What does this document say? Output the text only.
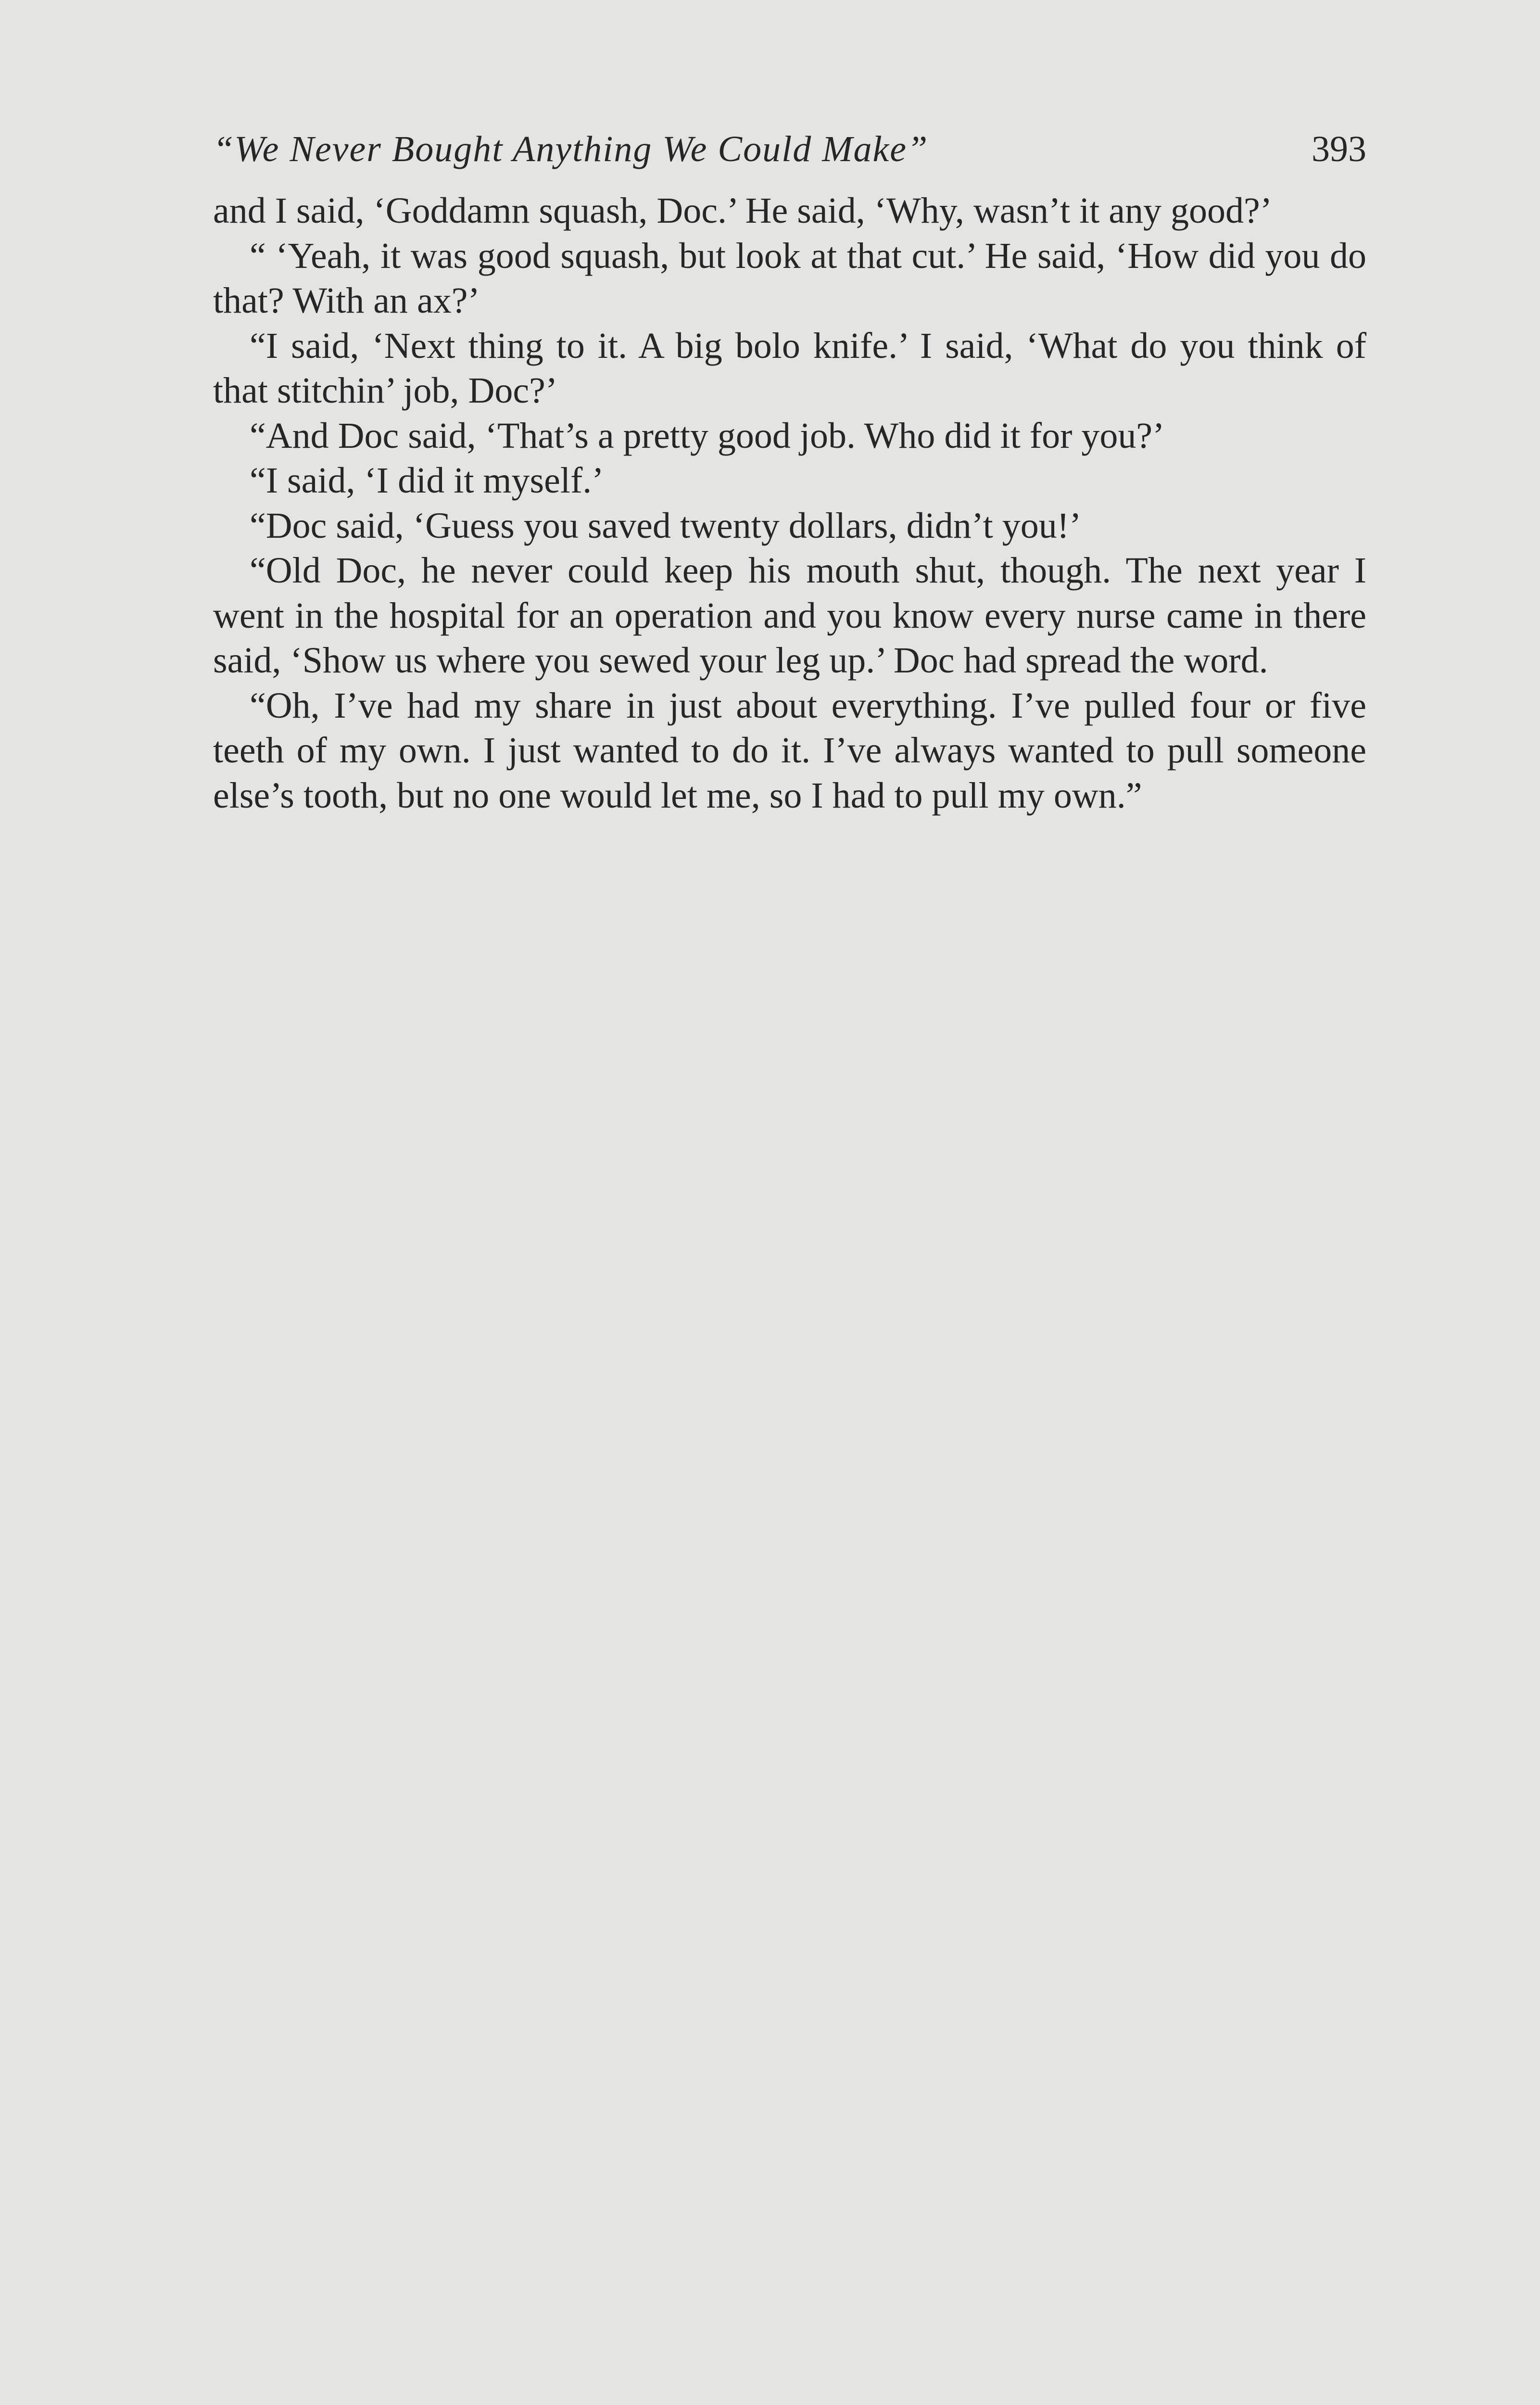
“We Never Bought Anything We Could Make”	393

and I said, ‘Goddamn squash, Doc.’ He said, ‘Why, wasn’t it any good?’

“ ‘Yeah, it was good squash, but look at that cut.’ He said, ‘How did you do that? With an ax?’

“I said, ‘Next thing to it. A big bolo knife.’ I said, ‘What do you think of that stitchin’ job, Doc?’

“And Doc said, ‘That’s a pretty good job. Who did it for you?’

“I said, ‘I did it myself.’

“Doc said, ‘Guess you saved twenty dollars, didn’t you!’

“Old Doc, he never could keep his mouth shut, though. The next year I went in the hospital for an operation and you know every nurse came in there said, ‘Show us where you sewed your leg up.’ Doc had spread the word.

“Oh, I’ve had my share in just about everything. I’ve pulled four or five teeth of my own. I just wanted to do it. I’ve always wanted to pull someone else’s tooth, but no one would let me, so I had to pull my own.”
